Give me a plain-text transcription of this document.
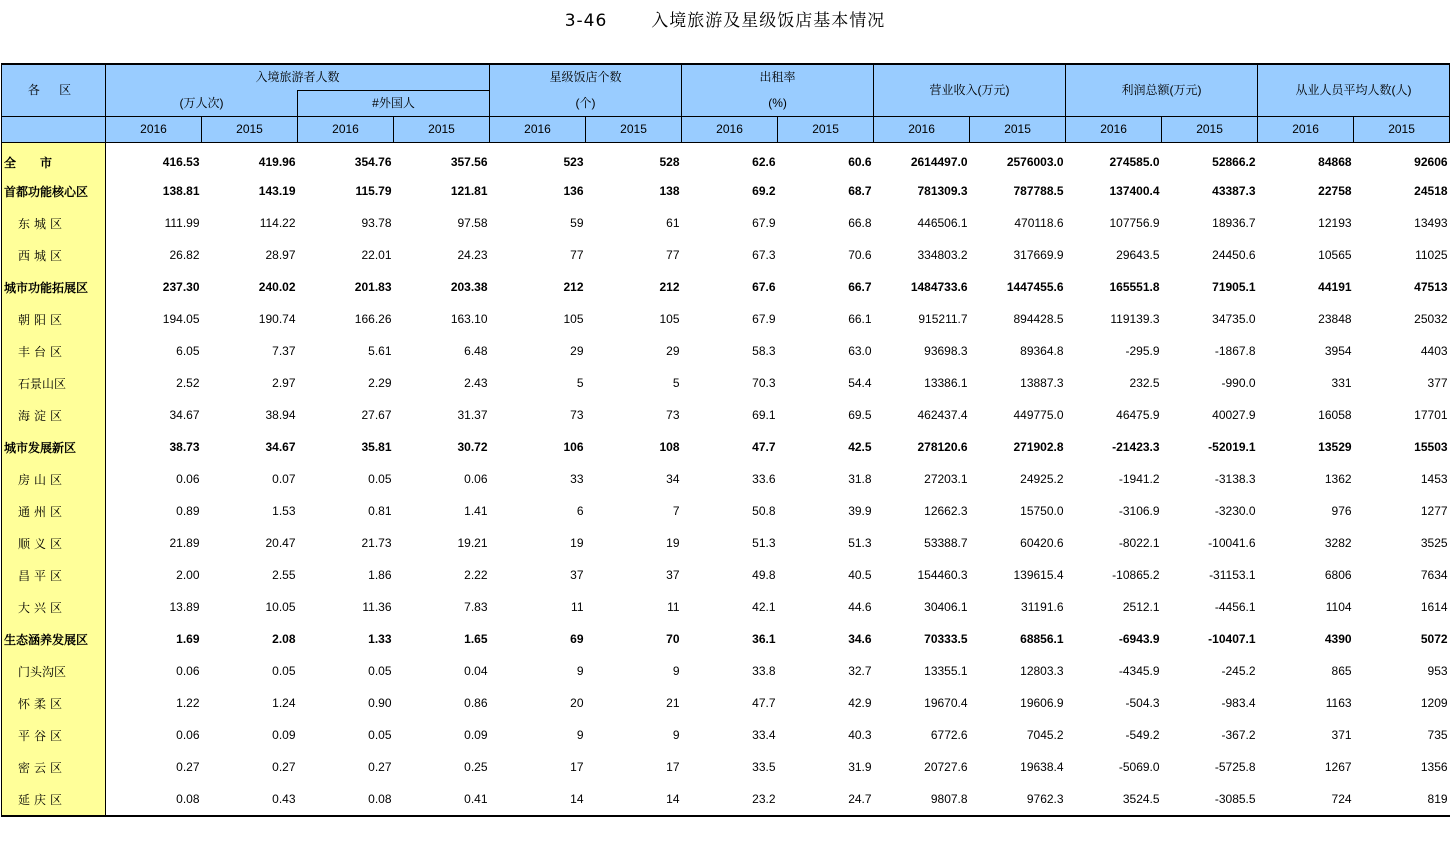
3-46	入境旅游及星级饭店基本情况
各 区	入境旅游者人数				星级饭店个数		出租率		营业收入(万元)		利润总额(万元)		从业人员平均人数(人)	
	(万人次)		#外国人		(个)		(%)							
	2016	2015	2016	2015	2016	2015	2016	2015	2016	2015	2016	2015	2016	2015
全　　市	416.53	419.96	354.76	357.56	523	528	62.6	60.6	2614497.0	2576003.0	274585.0	52866.2	84868	92606
首都功能核心区	138.81	143.19	115.79	121.81	136	138	69.2	68.7	781309.3	787788.5	137400.4	43387.3	22758	24518
东城区	111.99	114.22	93.78	97.58	59	61	67.9	66.8	446506.1	470118.6	107756.9	18936.7	12193	13493
西城区	26.82	28.97	22.01	24.23	77	77	67.3	70.6	334803.2	317669.9	29643.5	24450.6	10565	11025
城市功能拓展区	237.30	240.02	201.83	203.38	212	212	67.6	66.7	1484733.6	1447455.6	165551.8	71905.1	44191	47513
朝阳区	194.05	190.74	166.26	163.10	105	105	67.9	66.1	915211.7	894428.5	119139.3	34735.0	23848	25032
丰台区	6.05	7.37	5.61	6.48	29	29	58.3	63.0	93698.3	89364.8	-295.9	-1867.8	3954	4403
石景山区	2.52	2.97	2.29	2.43	5	5	70.3	54.4	13386.1	13887.3	232.5	-990.0	331	377
海淀区	34.67	38.94	27.67	31.37	73	73	69.1	69.5	462437.4	449775.0	46475.9	40027.9	16058	17701
城市发展新区	38.73	34.67	35.81	30.72	106	108	47.7	42.5	278120.6	271902.8	-21423.3	-52019.1	13529	15503
房山区	0.06	0.07	0.05	0.06	33	34	33.6	31.8	27203.1	24925.2	-1941.2	-3138.3	1362	1453
通州区	0.89	1.53	0.81	1.41	6	7	50.8	39.9	12662.3	15750.0	-3106.9	-3230.0	976	1277
顺义区	21.89	20.47	21.73	19.21	19	19	51.3	51.3	53388.7	60420.6	-8022.1	-10041.6	3282	3525
昌平区	2.00	2.55	1.86	2.22	37	37	49.8	40.5	154460.3	139615.4	-10865.2	-31153.1	6806	7634
大兴区	13.89	10.05	11.36	7.83	11	11	42.1	44.6	30406.1	31191.6	2512.1	-4456.1	1104	1614
生态涵养发展区	1.69	2.08	1.33	1.65	69	70	36.1	34.6	70333.5	68856.1	-6943.9	-10407.1	4390	5072
门头沟区	0.06	0.05	0.05	0.04	9	9	33.8	32.7	13355.1	12803.3	-4345.9	-245.2	865	953
怀柔区	1.22	1.24	0.90	0.86	20	21	47.7	42.9	19670.4	19606.9	-504.3	-983.4	1163	1209
平谷区	0.06	0.09	0.05	0.09	9	9	33.4	40.3	6772.6	7045.2	-549.2	-367.2	371	735
密云区	0.27	0.27	0.27	0.25	17	17	33.5	31.9	20727.6	19638.4	-5069.0	-5725.8	1267	1356
延庆区	0.08	0.43	0.08	0.41	14	14	23.2	24.7	9807.8	9762.3	3524.5	-3085.5	724	819
